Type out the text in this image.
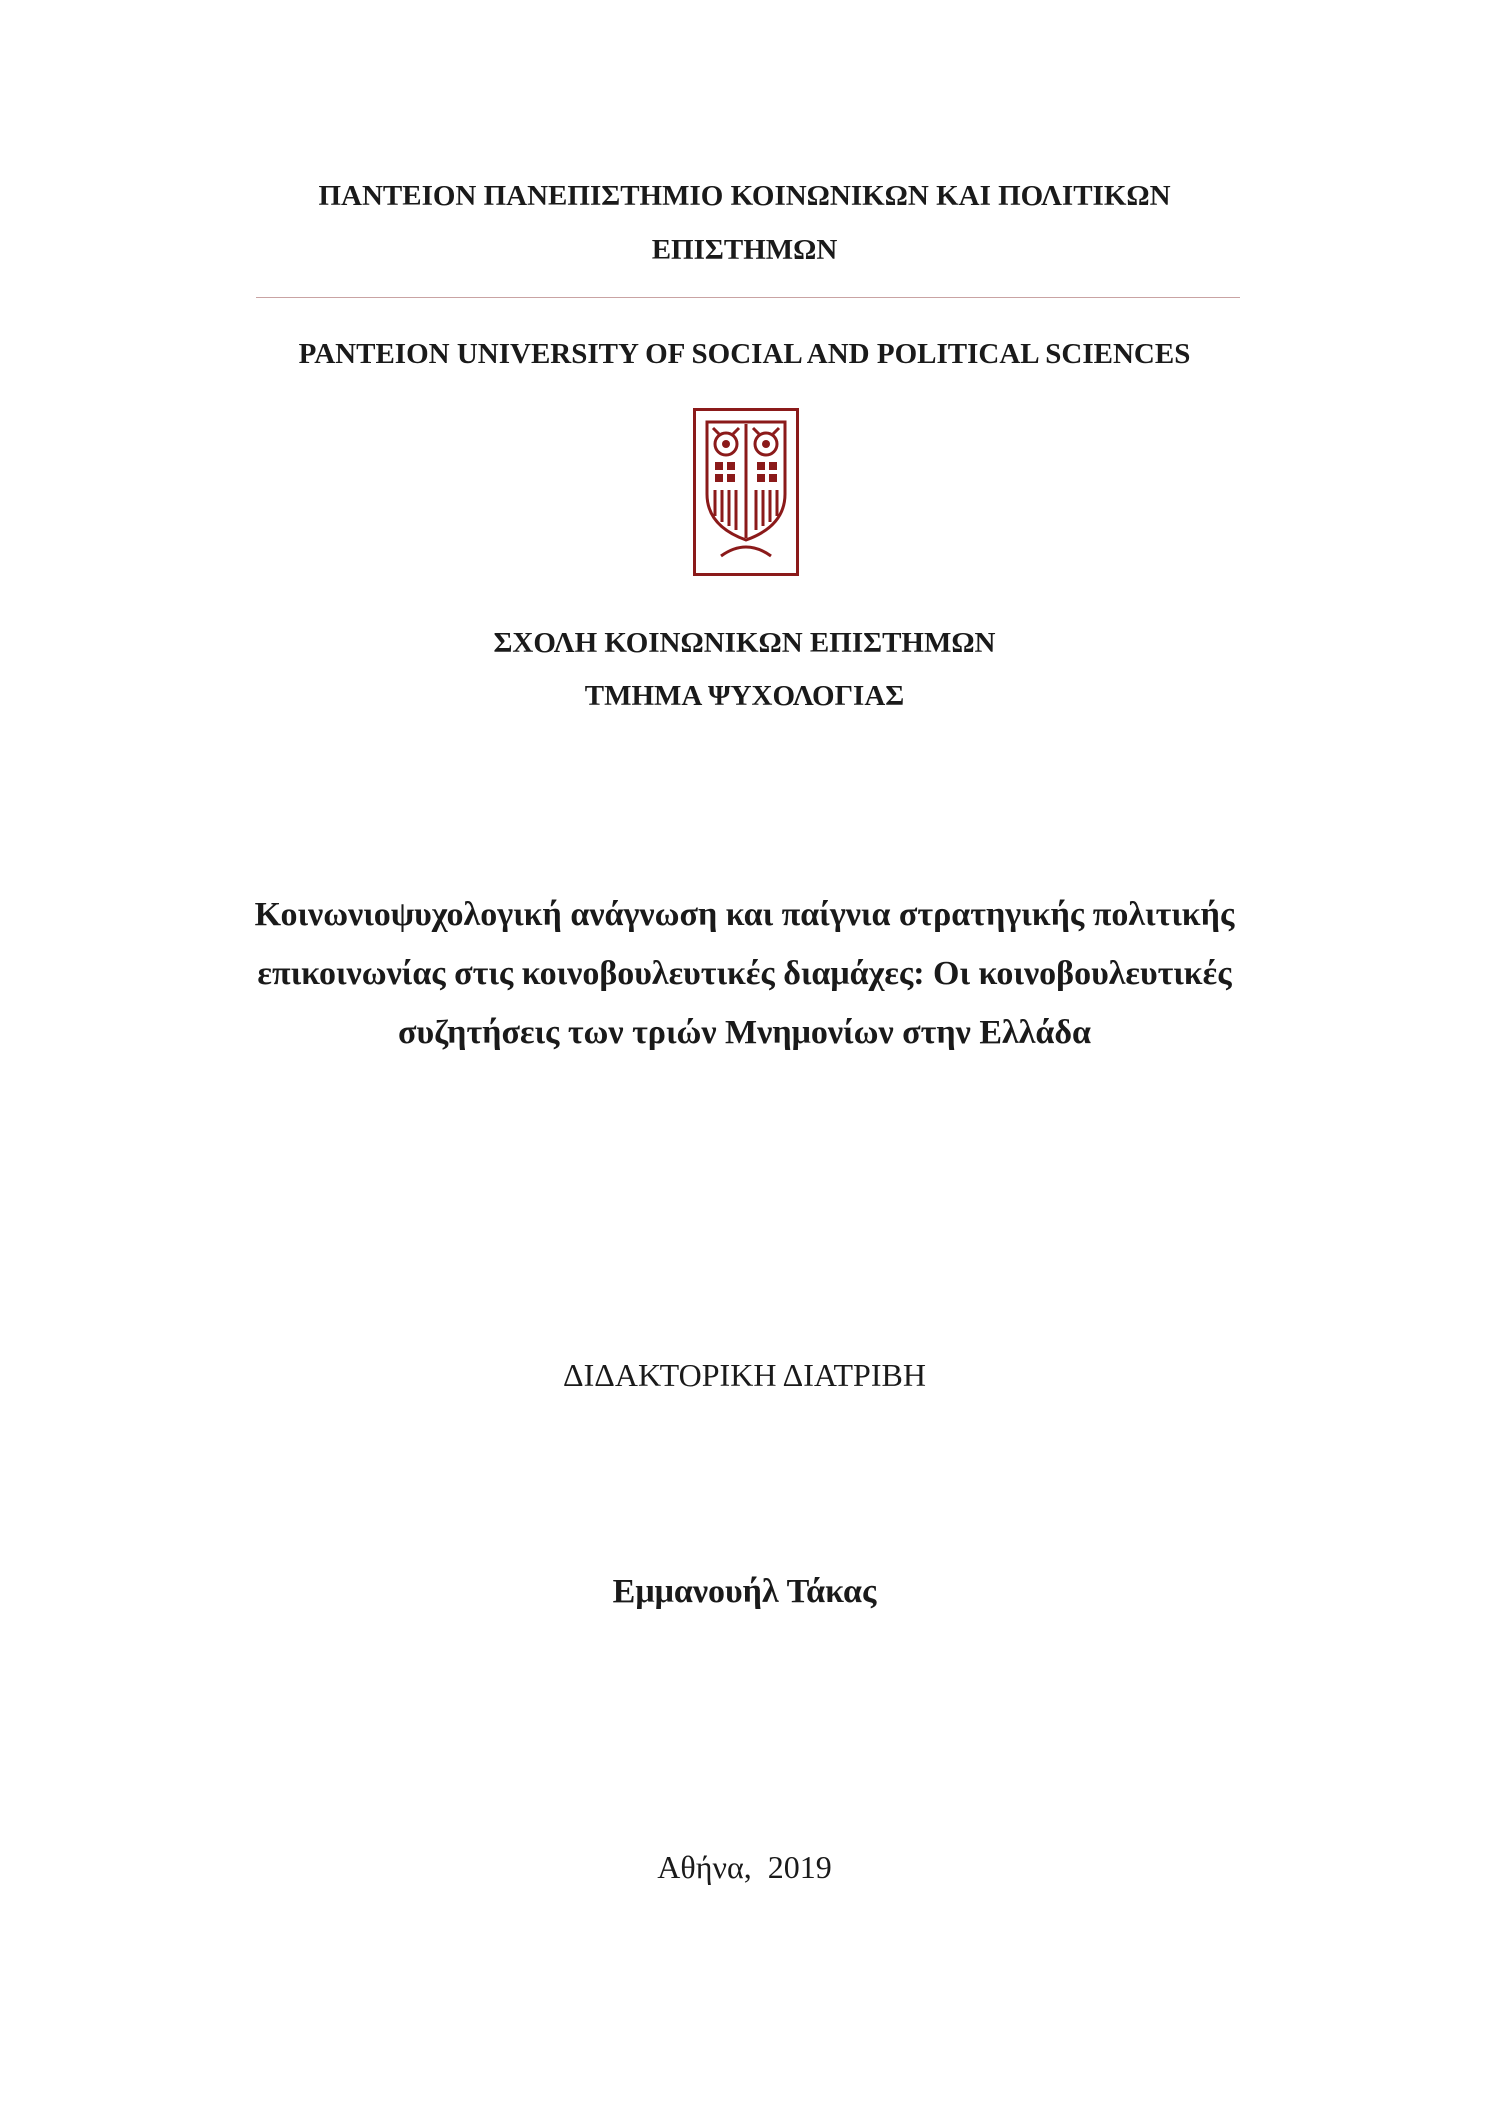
ΠΑΝΤΕΙΟΝ ΠΑΝΕΠΙΣΤΗΜΙΟ ΚΟΙΝΩΝΙΚΩΝ ΚΑΙ ΠΟΛΙΤΙΚΩΝ
ΕΠΙΣΤΗΜΩΝ
PANTEION UNIVERSITY OF SOCIAL AND POLITICAL SCIENCES
ΣΧΟΛΗ ΚΟΙΝΩΝΙΚΩΝ ΕΠΙΣΤΗΜΩΝ
ΤΜΗΜΑ ΨΥΧΟΛΟΓΙΑΣ
Κοινωνιοψυχολογική ανάγνωση και παίγνια στρατηγικής πολιτικής
επικοινωνίας στις κοινοβουλευτικές διαμάχες: Οι κοινοβουλευτικές
συζητήσεις των τριών Μνημονίων στην Ελλάδα
ΔΙΔΑΚΤΟΡΙΚΗ ΔΙΑΤΡΙΒΗ
Εμμανουήλ Τάκας
Αθήνα,  2019
